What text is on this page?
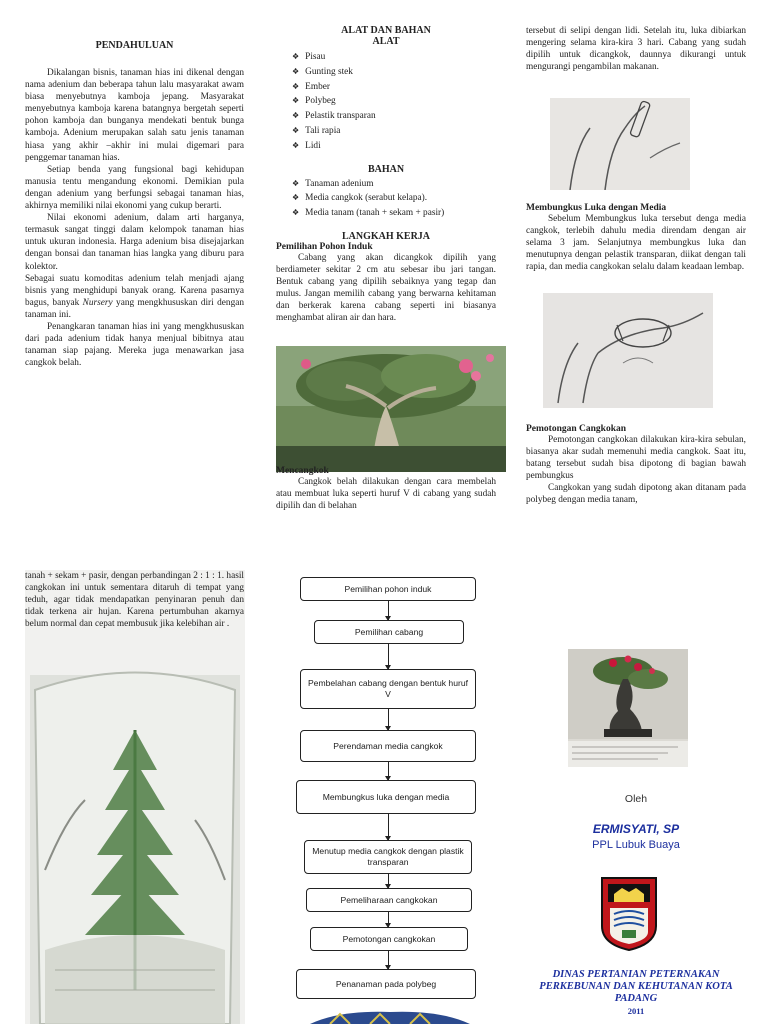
PENDAHULUAN

Dikalangan bisnis, tanaman hias ini dikenal dengan nama adenium dan beberapa tahun lalu masyarakat awam biasa menyebutnya kamboja jepang. Masyarakat menyebutnya kamboja karena batangnya bergetah seperti pohon kamboja dan bunganya mendekati bentuk bunga kamboja. Adenium merupakan salah satu jenis tanaman hiasa yang akhir –akhir ini mulai digemari para penggemar tanaman hias.

Setiap benda yang fungsional bagi kehidupan manusia tentu mengandung ekonomi. Demikian pula dengan adenium yang berfungsi sebagai tanaman hias, akhirnya memiliki nilai ekonomi yang cukup berarti.

Nilai ekonomi adenium, dalam arti harganya, termasuk sangat tinggi dalam kelompok tanaman hias untuk ukuran indonesia. Harga adenium bisa disejajarkan dengan bonsai dan tanaman hias langka yang diburu para kolektor.

Sebagai suatu komoditas adenium telah menjadi ajang bisnis yang menghidupi banyak orang. Karena pasarnya bagus, banyak Nursery yang mengkhususkan diri dengan tanaman ini.

Penangkaran tanaman hias ini yang mengkhususkan dari pada adenium tidak hanya menjual bibitnya atau tanaman siap pajang. Mereka juga menawarkan jasa cangkok belah.

ALAT DAN BAHAN
ALAT
❖ Pisau
❖ Gunting stek
❖ Ember
❖ Polybeg
❖ Pelastik transparan
❖ Tali rapia
❖ Lidi
BAHAN
❖ Tanaman adenium
❖ Media cangkok (serabut kelapa).
❖ Media tanam (tanah + sekam + pasir)
LANGKAH KERJA

Pemilihan Pohon Induk

Cabang yang akan dicangkok dipilih yang berdiameter sekitar 2 cm atu sebesar ibu jari tangan. Bentuk cabang yang dipilih sebaiknya yang tegap dan mulus. Jangan memilih cabang yang berwarna kehitaman dan berkerak karena cabang seperti ini biasanya menghambat aliran air dan hara.

Mencangkok

Cangkok belah dilakukan dengan cara membelah atau membuat luka seperti huruf V di cabang yang sudah dipilih dan di belahan

tersebut di selipi dengan lidi. Setelah itu, luka dibiarkan mengering selama kira-kira 3 hari. Cabang yang sudah dipilih untuk dicangkok, daunnya dikurangi untuk mengurangi pengambilan makanan.

Membungkus Luka dengan Media

Sebelum Membungkus luka tersebut denga media cangkok, terlebih dahulu media direndam dengan air selama 3 jam. Selanjutnya membungkus luka dan menutupnya dengan pelastik transparan, diikat dengan tali rapia, dan media cangkokan selalu dalam keadaan lembap.

Pemotongan Cangkokan

Pemotongan cangkokan dilakukan kira-kira sebulan, biasanya akar sudah memenuhi media cangkok. Saat itu, batang tersebut sudah bisa dipotong di bagian bawah pembungkus

Cangkokan yang sudah dipotong akan ditanam pada polybeg dengan media tanam,

tanah + sekam + pasir, dengan perbandingan 2 : 1 : 1. hasil cangkokan ini untuk sementara ditaruh di tempat yang teduh, agar tidak mendapatkan penyinaran penuh dan tidak terkena air hujan. Karena pertumbuhan akarnya belum normal dan cepat membusuk jika kelebihan air .

Pemilihan pohon induk
Pemilihan cabang
Pembelahan cabang dengan bentuk huruf V
Perendaman media cangkok
Membungkus luka dengan media
Menutup media cangkok dengan plastik transparan
Pemeliharaan cangkokan
Pemotongan cangkokan
Penanaman pada polybeg
Oleh
ERMISYATI, SP
PPL Lubuk Buaya
DINAS PERTANIAN PETERNAKAN
PERKEBUNAN DAN KEHUTANAN KOTA
PADANG
2011
